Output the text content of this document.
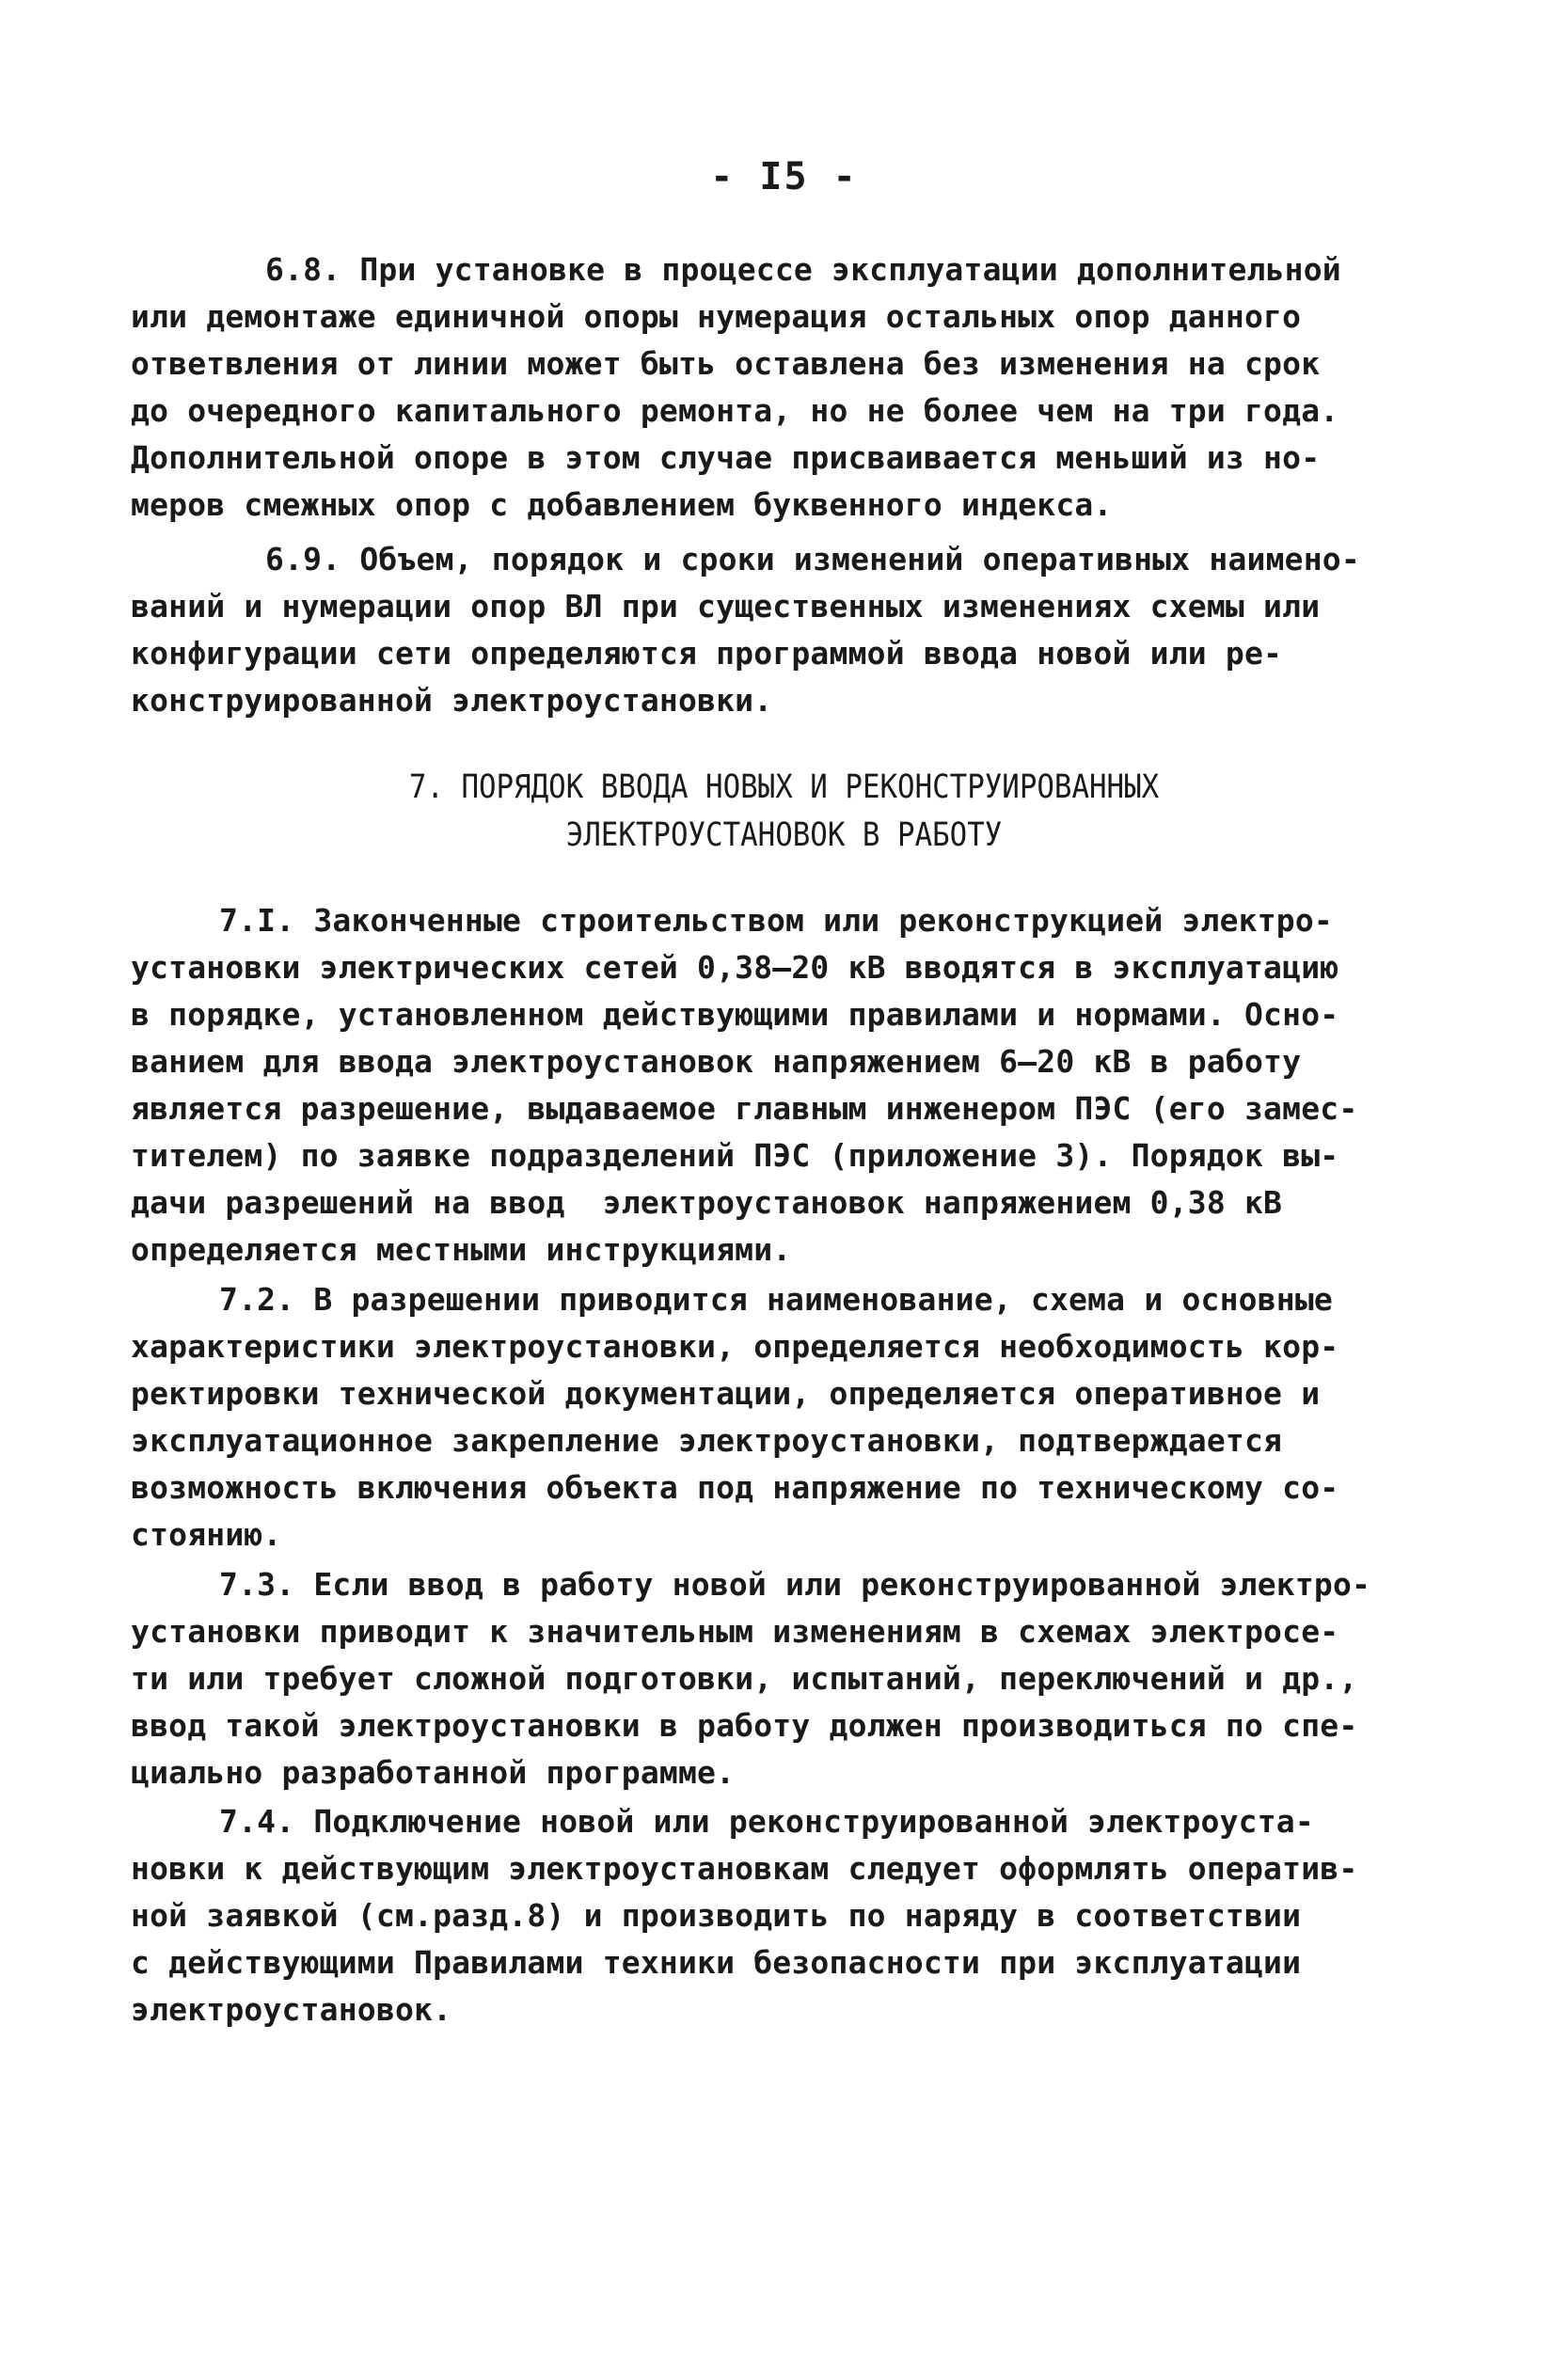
- I5 -
6.8. При установке в процессе эксплуатации дополнительной
или демонтаже единичной опоры нумерация остальных опор данного
ответвления от линии может быть оставлена без изменения на срок
до очередного капитального ремонта, но не более чем на три года.
Дополнительной опоре в этом случае присваивается меньший из но-
меров смежных опор с добавлением буквенного индекса.
6.9. Объем, порядок и сроки изменений оперативных наимено-
ваний и нумерации опор ВЛ при существенных изменениях схемы или
конфигурации сети определяются программой ввода новой или ре-
конструированной электроустановки.
7. ПОРЯДОК ВВОДА НОВЫХ И РЕКОНСТРУИРОВАННЫХ
ЭЛЕКТРОУСТАНОВОК В РАБОТУ
7.I. Законченные строительством или реконструкцией электро-
установки электрических сетей 0,38–20 кВ вводятся в эксплуатацию
в порядке, установленном действующими правилами и нормами. Осно-
ванием для ввода электроустановок напряжением 6–20 кВ в работу
является разрешение, выдаваемое главным инженером ПЭС (его замес-
тителем) по заявке подразделений ПЭС (приложение 3). Порядок вы-
дачи разрешений на ввод  электроустановок напряжением 0,38 кВ
определяется местными инструкциями.
7.2. В разрешении приводится наименование, схема и основные
характеристики электроустановки, определяется необходимость кор-
ректировки технической документации, определяется оперативное и
эксплуатационное закрепление электроустановки, подтверждается
возможность включения объекта под напряжение по техническому со-
стоянию.
7.3. Если ввод в работу новой или реконструированной электро-
установки приводит к значительным изменениям в схемах электросе-
ти или требует сложной подготовки, испытаний, переключений и др.,
ввод такой электроустановки в работу должен производиться по спе-
циально разработанной программе.
7.4. Подключение новой или реконструированной электроуста-
новки к действующим электроустановкам следует оформлять оператив-
ной заявкой (см.разд.8) и производить по наряду в соответствии
с действующими Правилами техники безопасности при эксплуатации
электроустановок.
